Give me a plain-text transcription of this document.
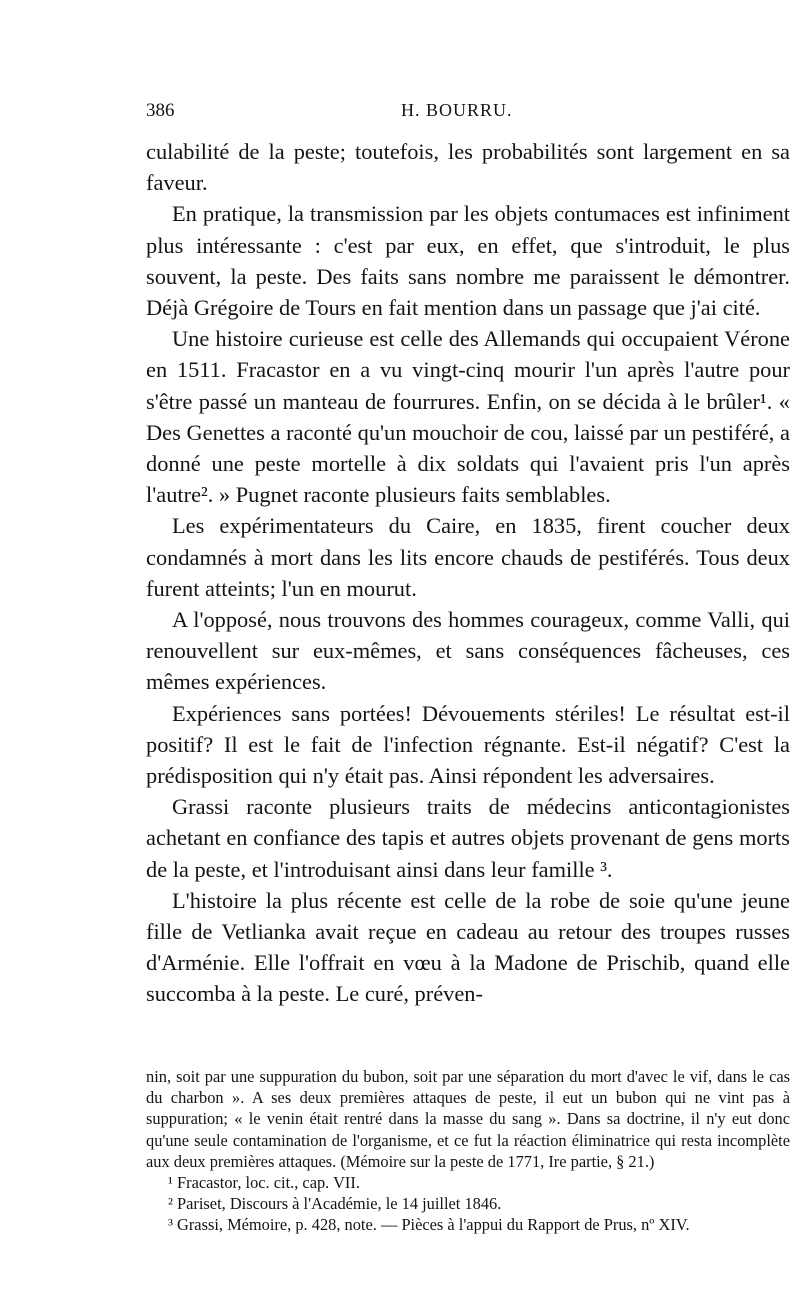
386	H. BOURRU.

culabilité de la peste; toutefois, les probabilités sont largement en sa faveur.

En pratique, la transmission par les objets contumaces est infiniment plus intéressante : c'est par eux, en effet, que s'introduit, le plus souvent, la peste. Des faits sans nombre me paraissent le démontrer. Déjà Grégoire de Tours en fait mention dans un passage que j'ai cité.

Une histoire curieuse est celle des Allemands qui occupaient Vérone en 1511. Fracastor en a vu vingt-cinq mourir l'un après l'autre pour s'être passé un manteau de fourrures. Enfin, on se décida à le brûler¹. « Des Genettes a raconté qu'un mouchoir de cou, laissé par un pestiféré, a donné une peste mortelle à dix soldats qui l'avaient pris l'un après l'autre². » Pugnet raconte plusieurs faits semblables.

Les expérimentateurs du Caire, en 1835, firent coucher deux condamnés à mort dans les lits encore chauds de pestiférés. Tous deux furent atteints; l'un en mourut.

A l'opposé, nous trouvons des hommes courageux, comme Valli, qui renouvellent sur eux-mêmes, et sans conséquences fâcheuses, ces mêmes expériences.

Expériences sans portées! Dévouements stériles! Le résultat est-il positif? Il est le fait de l'infection régnante. Est-il négatif? C'est la prédisposition qui n'y était pas. Ainsi répondent les adversaires.

Grassi raconte plusieurs traits de médecins anticontagionistes achetant en confiance des tapis et autres objets provenant de gens morts de la peste, et l'introduisant ainsi dans leur famille ³.

L'histoire la plus récente est celle de la robe de soie qu'une jeune fille de Vetlianka avait reçue en cadeau au retour des troupes russes d'Arménie. Elle l'offrait en vœu à la Madone de Prischib, quand elle succomba à la peste. Le curé, préven-

nin, soit par une suppuration du bubon, soit par une séparation du mort d'avec le vif, dans le cas du charbon ». A ses deux premières attaques de peste, il eut un bubon qui ne vint pas à suppuration; « le venin était rentré dans la masse du sang ». Dans sa doctrine, il n'y eut donc qu'une seule contamination de l'organisme, et ce fut la réaction éliminatrice qui resta incomplète aux deux premières attaques. (Mémoire sur la peste de 1771, Ire partie, § 21.)

¹ Fracastor, loc. cit., cap. VII.

² Pariset, Discours à l'Académie, le 14 juillet 1846.

³ Grassi, Mémoire, p. 428, note. — Pièces à l'appui du Rapport de Prus, nº XIV.
